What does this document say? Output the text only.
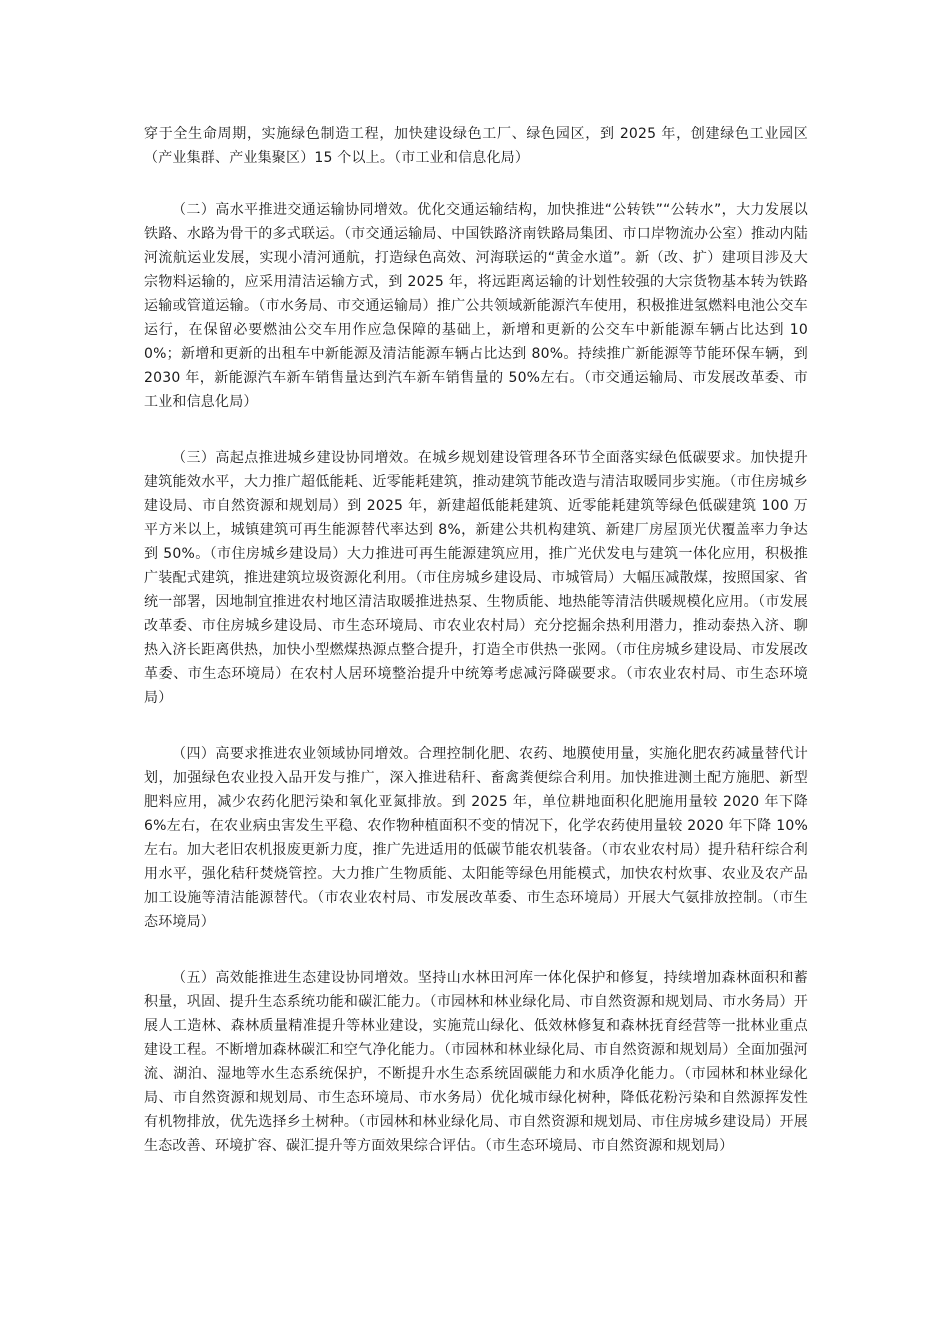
穿于全生命周期，实施绿色制造工程，加快建设绿色工厂、绿色园区，到 2025 年，创建绿色工业园区（产业集群、产业集聚区）15 个以上。（市工业和信息化局）

（二）高水平推进交通运输协同增效。优化交通运输结构，加快推进“公转铁”“公转水”，大力发展以铁路、水路为骨干的多式联运。（市交通运输局、中国铁路济南铁路局集团、市口岸物流办公室）推动内陆河流航运业发展，实现小清河通航，打造绿色高效、河海联运的“黄金水道”。新（改、扩）建项目涉及大宗物料运输的，应采用清洁运输方式，到 2025 年，将远距离运输的计划性较强的大宗货物基本转为铁路运输或管道运输。（市水务局、市交通运输局）推广公共领域新能源汽车使用，积极推进氢燃料电池公交车运行，在保留必要燃油公交车用作应急保障的基础上，新增和更新的公交车中新能源车辆占比达到 100%；新增和更新的出租车中新能源及清洁能源车辆占比达到 80%。持续推广新能源等节能环保车辆，到 2030 年，新能源汽车新车销售量达到汽车新车销售量的 50%左右。（市交通运输局、市发展改革委、市工业和信息化局）

（三）高起点推进城乡建设协同增效。在城乡规划建设管理各环节全面落实绿色低碳要求。加快提升建筑能效水平，大力推广超低能耗、近零能耗建筑，推动建筑节能改造与清洁取暖同步实施。（市住房城乡建设局、市自然资源和规划局）到 2025 年，新建超低能耗建筑、近零能耗建筑等绿色低碳建筑 100 万平方米以上，城镇建筑可再生能源替代率达到 8%，新建公共机构建筑、新建厂房屋顶光伏覆盖率力争达到 50%。（市住房城乡建设局）大力推进可再生能源建筑应用，推广光伏发电与建筑一体化应用，积极推广装配式建筑，推进建筑垃圾资源化利用。（市住房城乡建设局、市城管局）大幅压减散煤，按照国家、省统一部署，因地制宜推进农村地区清洁取暖推进热泵、生物质能、地热能等清洁供暖规模化应用。（市发展改革委、市住房城乡建设局、市生态环境局、市农业农村局）充分挖掘余热利用潜力，推动泰热入济、聊热入济长距离供热，加快小型燃煤热源点整合提升，打造全市供热一张网。（市住房城乡建设局、市发展改革委、市生态环境局）在农村人居环境整治提升中统筹考虑减污降碳要求。（市农业农村局、市生态环境局）

（四）高要求推进农业领域协同增效。合理控制化肥、农药、地膜使用量，实施化肥农药减量替代计划，加强绿色农业投入品开发与推广，深入推进秸秆、畜禽粪便综合利用。加快推进测土配方施肥、新型肥料应用，减少农药化肥污染和氧化亚氮排放。到 2025 年，单位耕地面积化肥施用量较 2020 年下降 6%左右，在农业病虫害发生平稳、农作物种植面积不变的情况下，化学农药使用量较 2020 年下降 10%左右。加大老旧农机报废更新力度，推广先进适用的低碳节能农机装备。（市农业农村局）提升秸秆综合利用水平，强化秸秆焚烧管控。大力推广生物质能、太阳能等绿色用能模式，加快农村炊事、农业及农产品加工设施等清洁能源替代。（市农业农村局、市发展改革委、市生态环境局）开展大气氨排放控制。（市生态环境局）

（五）高效能推进生态建设协同增效。坚持山水林田河库一体化保护和修复，持续增加森林面积和蓄积量，巩固、提升生态系统功能和碳汇能力。（市园林和林业绿化局、市自然资源和规划局、市水务局）开展人工造林、森林质量精准提升等林业建设，实施荒山绿化、低效林修复和森林抚育经营等一批林业重点建设工程。不断增加森林碳汇和空气净化能力。（市园林和林业绿化局、市自然资源和规划局）全面加强河流、湖泊、湿地等水生态系统保护，不断提升水生态系统固碳能力和水质净化能力。（市园林和林业绿化局、市自然资源和规划局、市生态环境局、市水务局）优化城市绿化树种，降低花粉污染和自然源挥发性有机物排放，优先选择乡土树种。（市园林和林业绿化局、市自然资源和规划局、市住房城乡建设局）开展生态改善、环境扩容、碳汇提升等方面效果综合评估。（市生态环境局、市自然资源和规划局）
